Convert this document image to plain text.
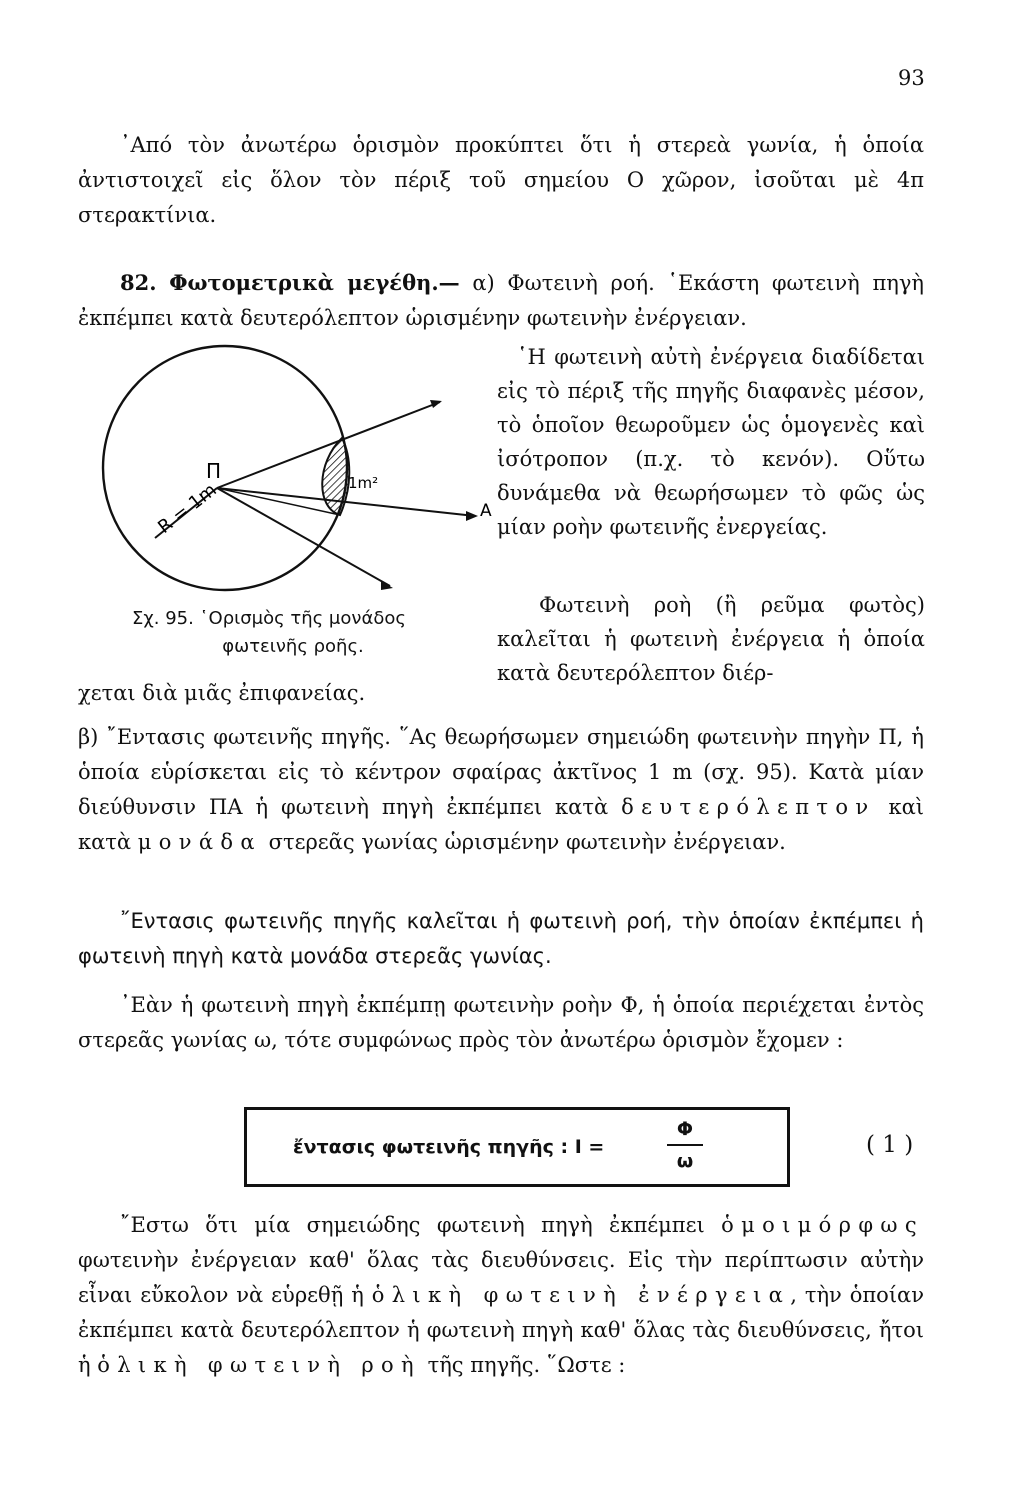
93

᾿Από τὸν ἀνωτέρω ὁρισμὸν προκύπτει ὅτι ἡ στερεὰ γωνία, ἡ ὁποία ἀντιστοιχεῖ εἰς ὅλον τὸν πέριξ τοῦ σημείου Ο χῶρον, ἰσοῦται μὲ 4π στερακτίνια.

82. Φωτομετρικὰ μεγέθη.— α) Φωτεινὴ ροή. ῾Εκάστη φωτεινὴ πηγὴ ἐκπέμπει κατὰ δευτερόλεπτον ὡρισμένην φωτεινὴν ἐνέργειαν.

Π	1m²
Α
R = 1m
Σχ. 95. ῾Ορισμὸς τῆς μονάδος
φωτεινῆς ροῆς.

῾Η φωτεινὴ αὐτὴ ἐνέργεια διαδίδεται εἰς τὸ πέριξ τῆς πηγῆς διαφανὲς μέσον, τὸ ὁποῖον θεωροῦμεν ὡς ὁμογενὲς καὶ ἰσότροπον (π.χ. τὸ κενόν). Οὕτω δυνάμεθα νὰ θεωρήσωμεν τὸ φῶς ὡς μίαν ροὴν φωτεινῆς ἐνεργείας.

Φωτεινὴ ροὴ (ἢ ρεῦμα φωτὸς) καλεῖται ἡ φωτεινὴ ἐνέργεια ἡ ὁποία κατὰ δευτερόλεπτον διέρ-

χεται διὰ μιᾶς ἐπιφανείας.

β) ῎Εντασις φωτεινῆς πηγῆς. ῞Ας θεωρήσωμεν σημειώδη φωτεινὴν πηγὴν Π, ἡ ὁποία εὑρίσκεται εἰς τὸ κέντρον σφαίρας ἀκτῖνος 1 m (σχ. 95). Κατὰ μίαν διεύθυνσιν ΠΑ ἡ φωτεινὴ πηγὴ ἐκπέμπει κατὰ δευτερόλεπτον καὶ κατὰ μονάδα στερεᾶς γωνίας ὡρισμένην φωτεινὴν ἐνέργειαν.

῎Εντασις φωτεινῆς πηγῆς καλεῖται ἡ φωτεινὴ ροή, τὴν ὁποίαν ἐκπέμπει ἡ φωτεινὴ πηγὴ κατὰ μονάδα στερεᾶς γωνίας.

᾿Εὰν ἡ φωτεινὴ πηγὴ ἐκπέμπῃ φωτεινὴν ροὴν Φ, ἡ ὁποία περιέχεται ἐντὸς στερεᾶς γωνίας ω, τότε συμφώνως πρὸς τὸν ἀνωτέρω ὁρισμὸν ἔχομεν :

ἔντασις φωτεινῆς πηγῆς : I =	$\frac{\Phi}{\omega}$	( 1 )

῎Εστω ὅτι μία σημειώδης φωτεινὴ πηγὴ ἐκπέμπει ὁμοιμόρφως φωτεινὴν ἐνέργειαν καθ' ὅλας τὰς διευθύνσεις. Εἰς τὴν περίπτωσιν αὐτὴν εἶναι εὔκολον νὰ εὑρεθῇ ἡ ὁλικὴ φωτεινὴ ἐνέργεια, τὴν ὁποίαν ἐκπέμπει κατὰ δευτερόλεπτον ἡ φωτεινὴ πηγὴ καθ' ὅλας τὰς διευθύνσεις, ἤτοι ἡ ὁλικὴ φωτεινὴ ροὴ τῆς πηγῆς. ῞Ωστε :
